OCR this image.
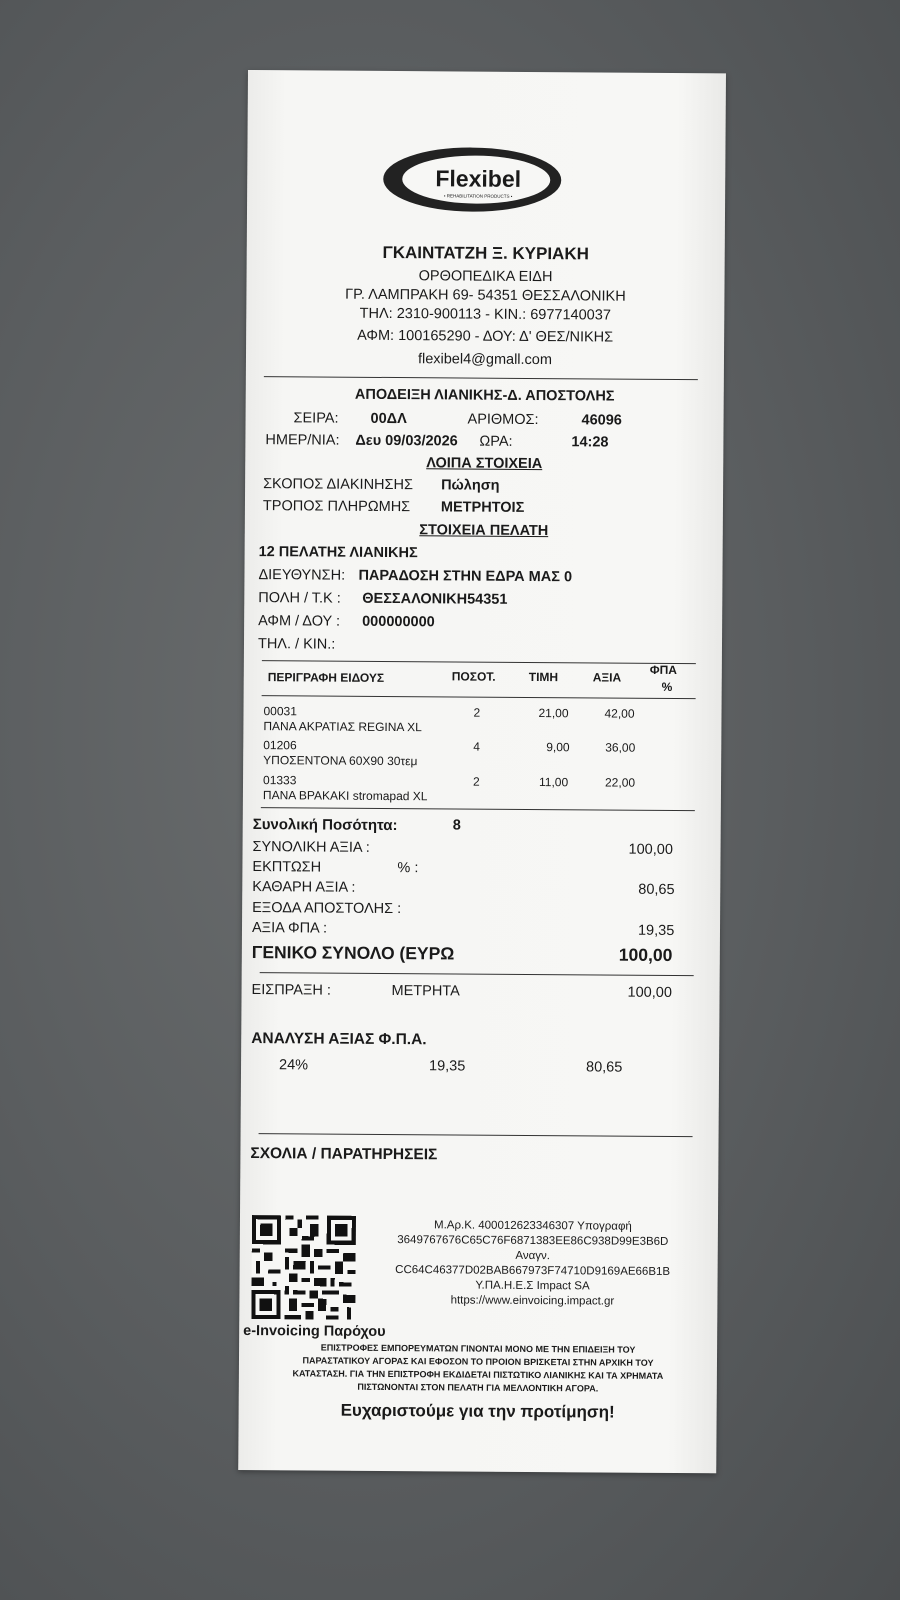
Flexibel
• REHABILITATION PRODUCTS •
ΓΚΑΙΝΤΑΤΖΗ Ξ. ΚΥΡΙΑΚΗ
ΟΡΘΟΠΕΔΙΚΑ ΕΙΔΗ
ΓΡ. ΛΑΜΠΡΑΚΗ 69- 54351 ΘΕΣΣΑΛΟΝΙΚΗ
ΤΗΛ: 2310-900113 - ΚΙΝ.: 6977140037
ΑΦΜ: 100165290 - ΔΟΥ: Δ' ΘΕΣ/ΝΙΚΗΣ
flexibel4@gmall.com
ΑΠΟΔΕΙΞΗ ΛΙΑΝΙΚΗΣ-Δ. ΑΠΟΣΤΟΛΗΣ
ΣΕΙΡΑ: 00ΔΛ	ΑΡΙΘΜΟΣ:	46096
ΗΜΕΡ/ΝΙΑ: Δευ 09/03/2026 ΩΡΑ:	14:28
ΛΟΙΠΑ ΣΤΟΙΧΕΙΑ
ΣΚΟΠΟΣ ΔΙΑΚΙΝΗΣΗΣ Πώληση
ΤΡΟΠΟΣ ΠΛΗΡΩΜΗΣ ΜΕΤΡΗΤΟΙΣ
ΣΤΟΙΧΕΙΑ ΠΕΛΑΤΗ
12 ΠΕΛΑΤΗΣ ΛΙΑΝΙΚΗΣ
ΔΙΕΥΘΥΝΣΗ: ΠΑΡΑΔΟΣΗ ΣΤΗΝ ΕΔΡΑ ΜΑΣ 0
ΠΟΛΗ / Τ.Κ : ΘΕΣΣΑΛΟΝΙΚΗ54351
ΑΦΜ / ΔΟΥ : 000000000
ΤΗΛ. / ΚΙΝ.:
ΠΕΡΙΓΡΑΦΗ ΕΙΔΟΥΣ	ΠΟΣΟΤ.	ΤΙΜΗ	ΑΞΙΑ
ΦΠΑ
%
00031
ΠΑΝΑ ΑΚΡΑΤΙΑΣ REGINA XL
2	21,00	42,00
01206
ΥΠΟΣΕΝΤΟΝΑ 60Χ90 30τεμ
4	9,00	36,00
01333
ΠΑΝΑ ΒΡΑΚΑΚΙ stromapad XL
2	11,00	22,00
Συνολική Ποσότητα:	8
ΣΥΝΟΛΙΚΗ ΑΞΙΑ :	100,00
ΕΚΠΤΩΣΗ	% :
ΚΑΘΑΡΗ ΑΞΙΑ :	80,65
ΕΞΟΔΑ ΑΠΟΣΤΟΛΗΣ :
ΑΞΙΑ ΦΠΑ :	19,35
ΓΕΝΙΚΟ ΣΥΝΟΛΟ (ΕΥΡΩ	100,00
ΕΙΣΠΡΑΞΗ :	ΜΕΤΡΗΤΑ	100,00
ΑΝΑΛΥΣΗ ΑΞΙΑΣ Φ.Π.Α.
24%	19,35	80,65
ΣΧΟΛΙΑ / ΠΑΡΑΤΗΡΗΣΕΙΣ
Μ.Αρ.Κ. 400012623346307 Υπογραφή
3649767676C65C76F6871383EE86C938D99E3B6D
Αναγν.
CC64C46377D02BAB667973F74710D9169AE66B1B
Υ.ΠΑ.Η.Ε.Σ Impact SA
https://www.einvoicing.impact.gr
e-Invoicing Παρόχου
ΕΠΙΣΤΡΟΦΕΣ ΕΜΠΟΡΕΥΜΑΤΩΝ ΓΙΝΟΝΤΑΙ ΜΟΝΟ ΜΕ ΤΗΝ ΕΠΙΔΕΙΞΗ ΤΟΥ
ΠΑΡΑΣΤΑΤΙΚΟΥ ΑΓΟΡΑΣ ΚΑΙ ΕΦΟΣΟΝ ΤΟ ΠΡΟΙΟΝ ΒΡΙΣΚΕΤΑΙ ΣΤΗΝ ΑΡΧΙΚΗ ΤΟΥ
ΚΑΤΑΣΤΑΣΗ. ΓΙΑ ΤΗΝ ΕΠΙΣΤΡΟΦΗ ΕΚΔΙΔΕΤΑΙ ΠΙΣΤΩΤΙΚΟ ΛΙΑΝΙΚΗΣ ΚΑΙ ΤΑ ΧΡΗΜΑΤΑ
ΠΙΣΤΩΝΟΝΤΑΙ ΣΤΟΝ ΠΕΛΑΤΗ ΓΙΑ ΜΕΛΛΟΝΤΙΚΗ ΑΓΟΡΑ.
Ευχαριστούμε για την προτίμηση!
